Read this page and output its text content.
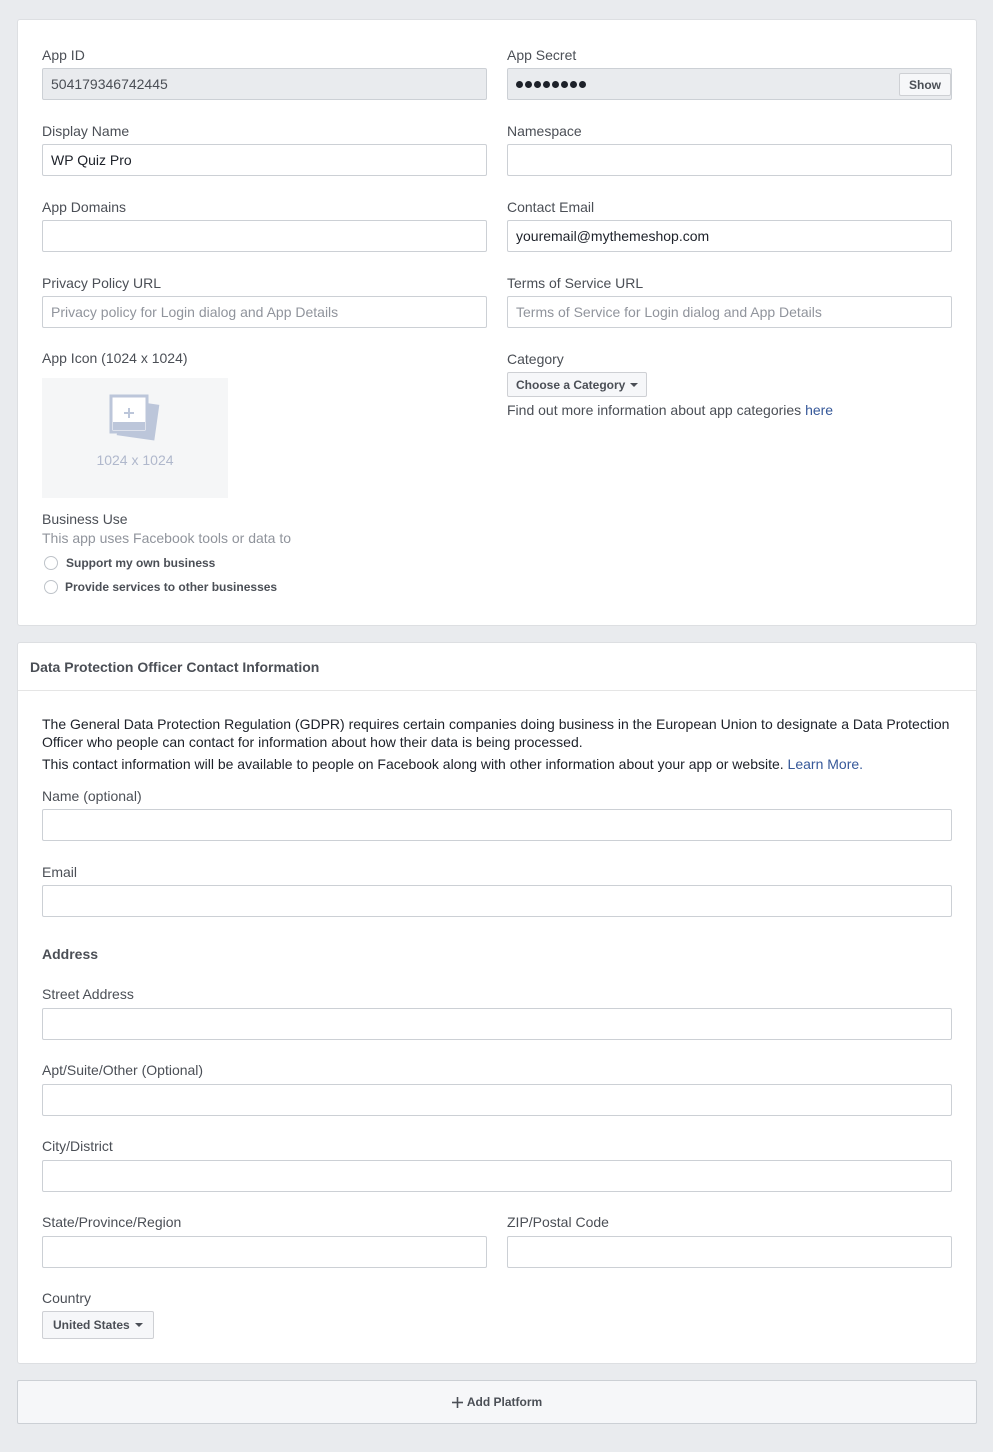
App ID
504179346742445
App Secret
Show
Display Name
WP Quiz Pro
Namespace
App Domains	Contact Email
youremail@mythemeshop.com
Privacy Policy URL
Privacy policy for Login dialog and App Details
Terms of Service URL
Terms of Service for Login dialog and App Details
App Icon (1024 x 1024)
1024 x 1024
Category
Choose a Category
Find out more information about app categories here
Business Use
This app uses Facebook tools or data to
Support my own business
Provide services to other businesses
Data Protection Officer Contact Information
The General Data Protection Regulation (GDPR) requires certain companies doing business in the European Union to designate a Data Protection
Officer who people can contact for information about how their data is being processed.
This contact information will be available to people on Facebook along with other information about your app or website. Learn More.
Name (optional)
Email
Address
Street Address
Apt/Suite/Other (Optional)
City/District
State/Province/Region	ZIP/Postal Code
Country
United States
Add Platform
